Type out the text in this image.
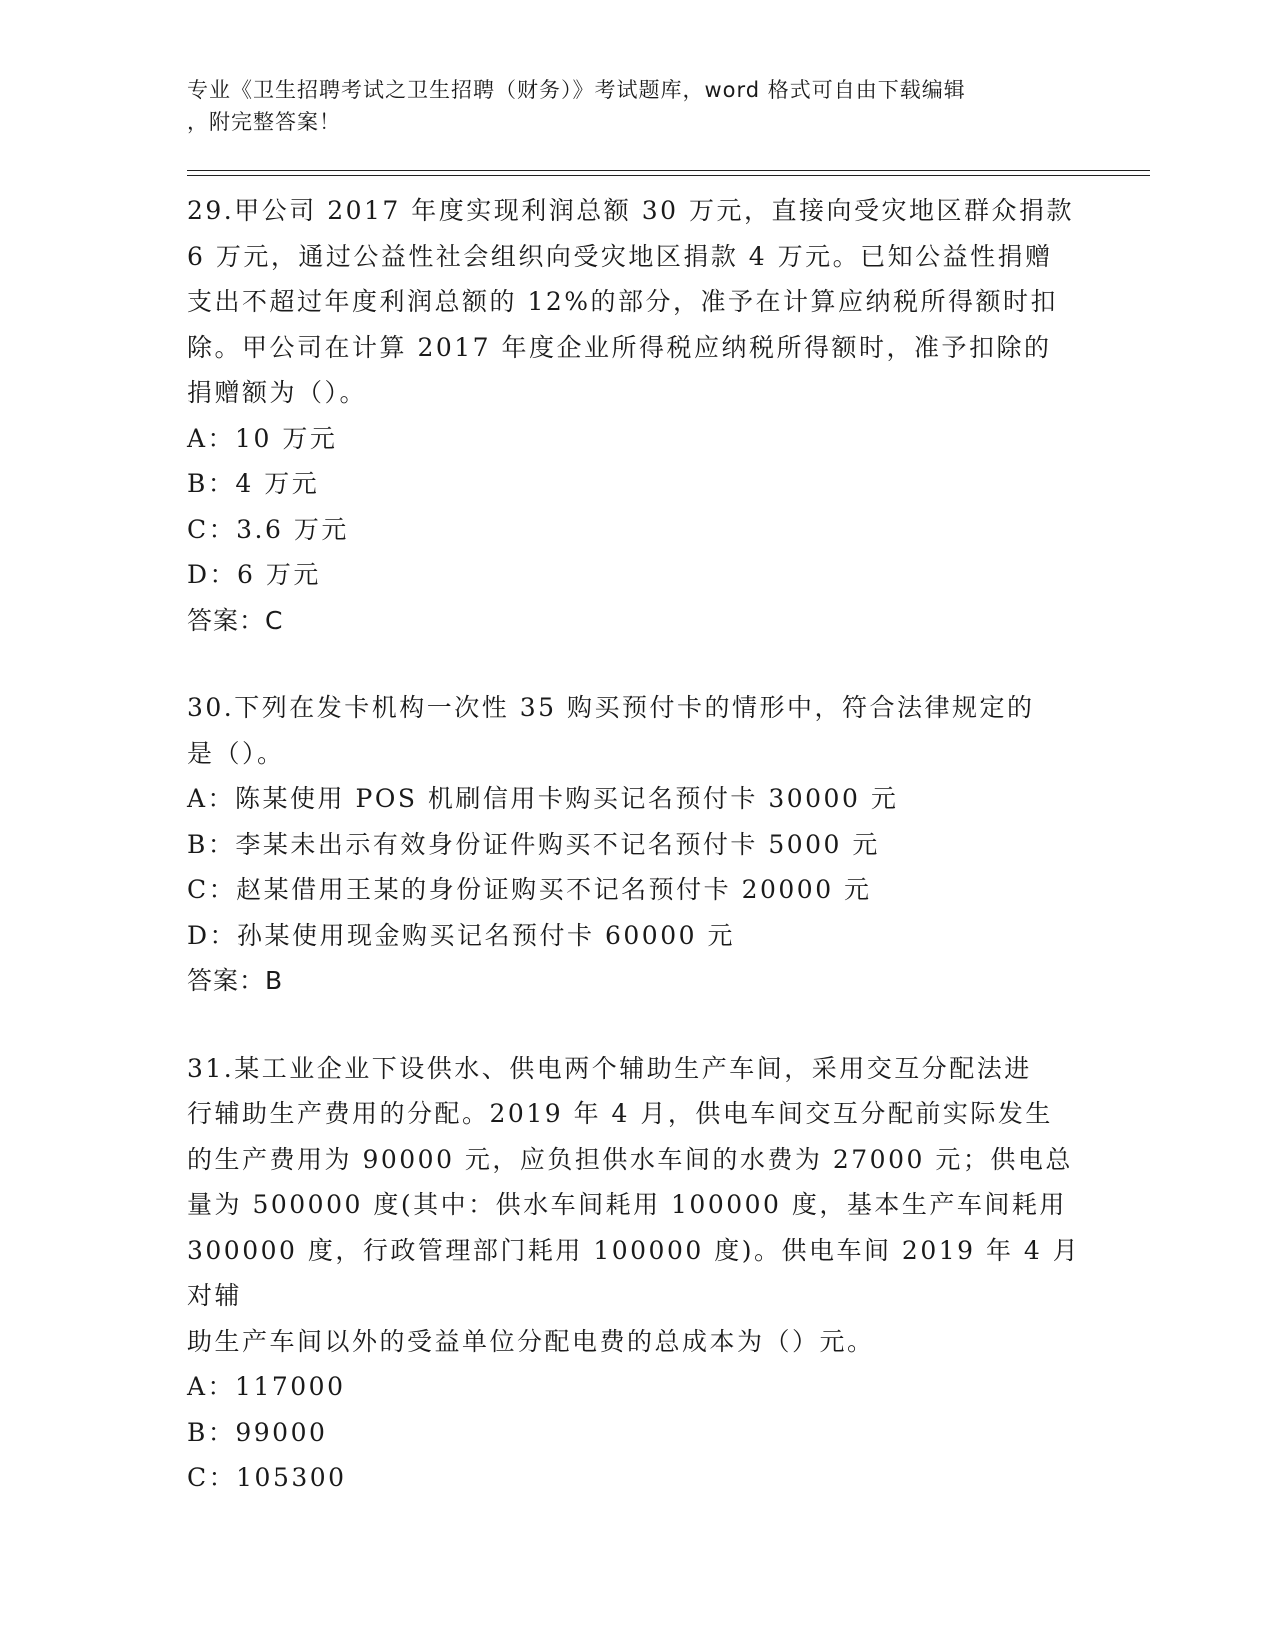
专业《卫生招聘考试之卫生招聘（财务）》考试题库，word 格式可自由下载编辑
，附完整答案！
29.甲公司 2017 年度实现利润总额 30 万元，直接向受灾地区群众捐款
6 万元，通过公益性社会组织向受灾地区捐款 4 万元。已知公益性捐赠
支出不超过年度利润总额的 12%的部分，准予在计算应纳税所得额时扣
除。甲公司在计算 2017 年度企业所得税应纳税所得额时，准予扣除的
捐赠额为（）。
A：10 万元
B：4 万元
C：3.6 万元
D：6 万元
答案：C
30.下列在发卡机构一次性 35 购买预付卡的情形中，符合法律规定的
是（）。
A：陈某使用 POS 机刷信用卡购买记名预付卡 30000 元
B：李某未出示有效身份证件购买不记名预付卡 5000 元
C：赵某借用王某的身份证购买不记名预付卡 20000 元
D：孙某使用现金购买记名预付卡 60000 元
答案：B
31.某工业企业下设供水、供电两个辅助生产车间，采用交互分配法进
行辅助生产费用的分配。2019 年 4 月，供电车间交互分配前实际发生
的生产费用为 90000 元，应负担供水车间的水费为 27000 元；供电总
量为 500000 度(其中：供水车间耗用 100000 度，基本生产车间耗用
300000 度，行政管理部门耗用 100000 度)。供电车间 2019 年 4 月对辅
助生产车间以外的受益单位分配电费的总成本为（）元。
A：117000
B：99000
C：105300
